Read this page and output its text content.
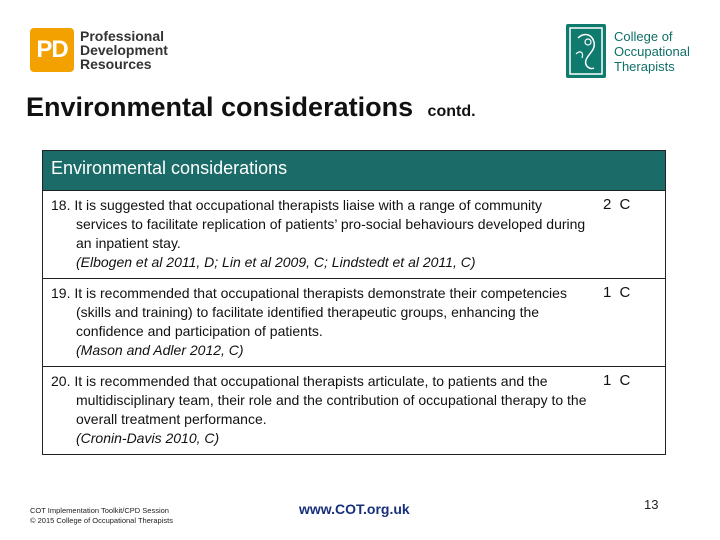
PD Professional
Development
Resources
College of
Occupational
Therapists
Environmental considerations contd.
Environmental considerations
18. It is suggested that occupational therapists liaise with a range of community services to facilitate replication of patients’ pro-social behaviours developed during an inpatient stay.
(Elbogen et al 2011, D; Lin et al 2009, C; Lindstedt et al 2011, C)
2 C
19. It is recommended that occupational therapists demonstrate their competencies (skills and training) to facilitate identified therapeutic groups, enhancing the confidence and participation of patients.
(Mason and Adler 2012, C)
1 C
20. It is recommended that occupational therapists articulate, to patients and the multidisciplinary team, their role and the contribution of occupational therapy to the overall treatment performance.
(Cronin-Davis 2010, C)
1 C
COT Implementation Toolkit/CPD Session
© 2015 College of Occupational Therapists
www.COT.org.uk	13
